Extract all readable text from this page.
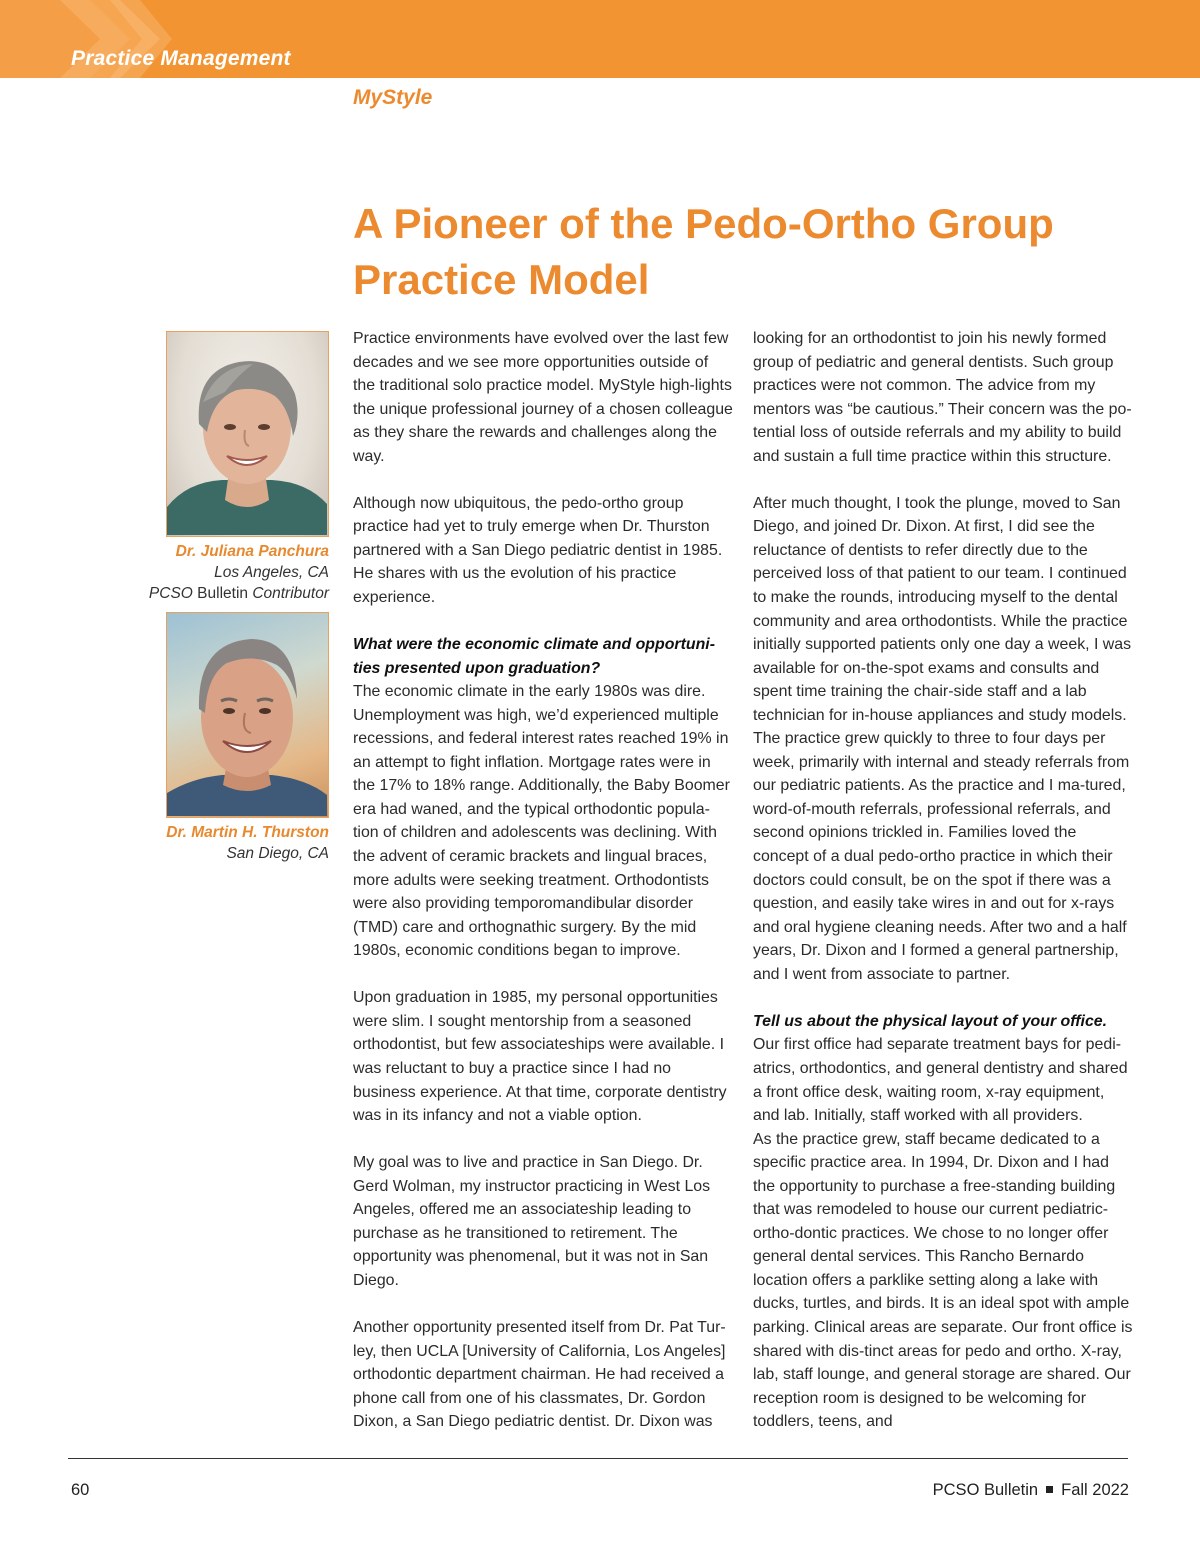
Practice Management
MyStyle
A Pioneer of the Pedo-Ortho Group
Practice Model
Dr. Juliana Panchura
Los Angeles, CA
PCSO Bulletin Contributor
Dr. Martin H. Thurston
San Diego, CA

Practice environments have evolved over the last few decades and we see more opportunities outside of the traditional solo practice model. MyStyle high-lights the unique professional journey of a chosen colleague as they share the rewards and challenges along the way.

Although now ubiquitous, the pedo-ortho group practice had yet to truly emerge when Dr. Thurston partnered with a San Diego pediatric dentist in 1985. He shares with us the evolution of his practice experience.

What were the economic climate and opportuni-ties presented upon graduation?

The economic climate in the early 1980s was dire. Unemployment was high, we’d experienced multiple recessions, and federal interest rates reached 19% in an attempt to fight inflation. Mortgage rates were in the 17% to 18% range. Additionally, the Baby Boomer era had waned, and the typical orthodontic popula-tion of children and adolescents was declining. With the advent of ceramic brackets and lingual braces, more adults were seeking treatment. Orthodontists were also providing temporomandibular disorder (TMD) care and orthognathic surgery. By the mid 1980s, economic conditions began to improve.

Upon graduation in 1985, my personal opportunities were slim. I sought mentorship from a seasoned orthodontist, but few associateships were available. I was reluctant to buy a practice since I had no business experience. At that time, corporate dentistry was in its infancy and not a viable option.

My goal was to live and practice in San Diego. Dr. Gerd Wolman, my instructor practicing in West Los Angeles, offered me an associateship leading to purchase as he transitioned to retirement. The opportunity was phenomenal, but it was not in San Diego.

Another opportunity presented itself from Dr. Pat Tur-ley, then UCLA [University of California, Los Angeles] orthodontic department chairman. He had received a phone call from one of his classmates, Dr. Gordon Dixon, a San Diego pediatric dentist. Dr. Dixon was

looking for an orthodontist to join his newly formed group of pediatric and general dentists. Such group practices were not common. The advice from my mentors was “be cautious.” Their concern was the po-tential loss of outside referrals and my ability to build and sustain a full time practice within this structure.

After much thought, I took the plunge, moved to San Diego, and joined Dr. Dixon. At first, I did see the reluctance of dentists to refer directly due to the perceived loss of that patient to our team. I continued to make the rounds, introducing myself to the dental community and area orthodontists. While the practice initially supported patients only one day a week, I was available for on-the-spot exams and consults and spent time training the chair-side staff and a lab technician for in-house appliances and study models. The practice grew quickly to three to four days per week, primarily with internal and steady referrals from our pediatric patients. As the practice and I ma-tured, word-of-mouth referrals, professional referrals, and second opinions trickled in. Families loved the concept of a dual pedo-ortho practice in which their doctors could consult, be on the spot if there was a question, and easily take wires in and out for x-rays and oral hygiene cleaning needs. After two and a half years, Dr. Dixon and I formed a general partnership, and I went from associate to partner.

Tell us about the physical layout of your office.

Our first office had separate treatment bays for pedi-atrics, orthodontics, and general dentistry and shared a front office desk, waiting room, x-ray equipment, and lab. Initially, staff worked with all providers.

As the practice grew, staff became dedicated to a specific practice area. In 1994, Dr. Dixon and I had the opportunity to purchase a free-standing building that was remodeled to house our current pediatric-ortho-dontic practices. We chose to no longer offer general dental services. This Rancho Bernardo location offers a parklike setting along a lake with ducks, turtles, and birds. It is an ideal spot with ample parking. Clinical areas are separate. Our front office is shared with dis-tinct areas for pedo and ortho. X-ray, lab, staff lounge, and general storage are shared. Our reception room is designed to be welcoming for toddlers, teens, and

60	PCSO Bulletin Fall 2022
